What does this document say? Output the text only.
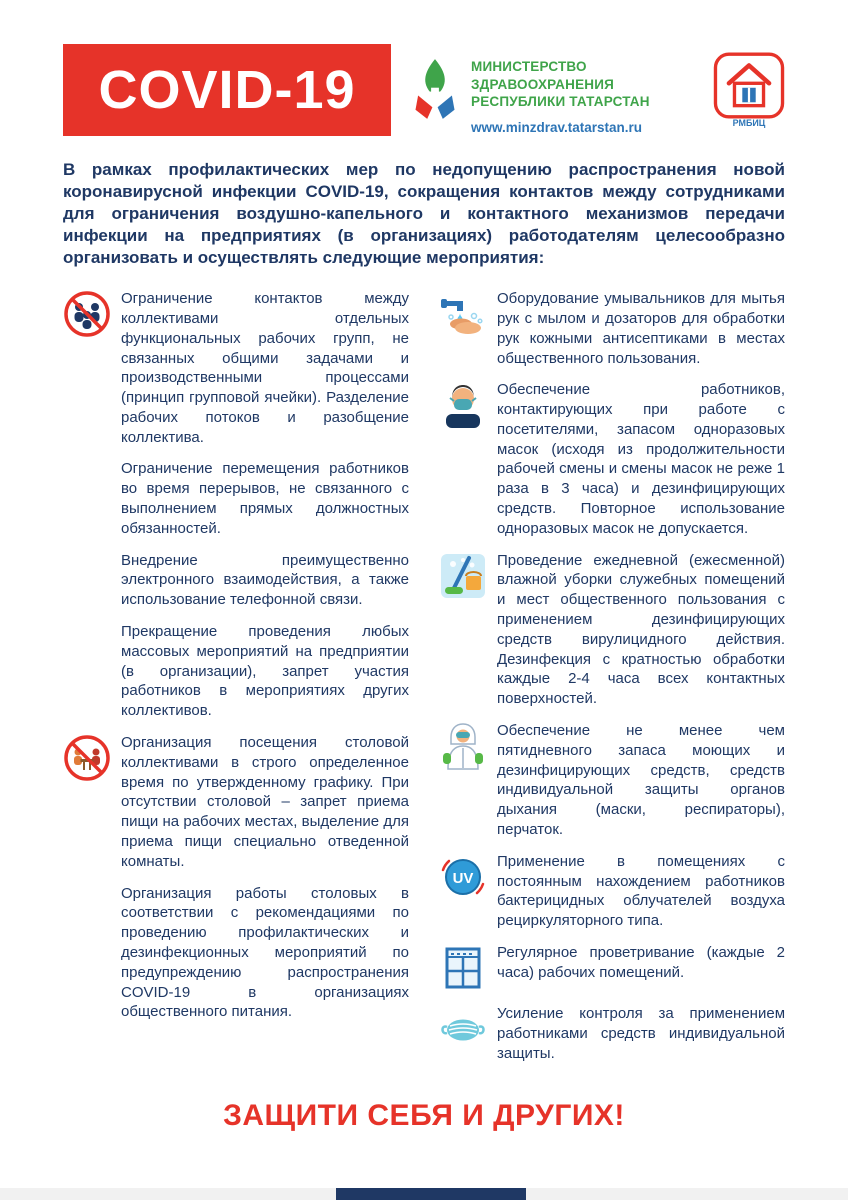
COVID-19	МИНИСТЕРСТВО ЗДРАВООХРАНЕНИЯ
РЕСПУБЛИКИ ТАТАРСТАН
www.minzdrav.tatarstan.ru	РМБИЦ

В рамках профилактических мер по недопущению распространения новой коронавирусной инфекции COVID-19, сокращения контактов между сотрудниками для ограничения воздушно-капельного и контактного механизмов передачи инфекции на предприятиях (в организациях) работодателям целесообразно организовать и осуществлять следующие мероприятия:

Ограничение контактов между коллективами отдельных функциональных рабочих групп, не связанных общими задачами и производственными процессами (принцип групповой ячейки). Разделение рабочих потоков и разобщение коллектива.
Ограничение перемещения работников во время перерывов, не связанного с выполнением прямых должностных обязанностей.
Внедрение преимущественно электронного взаимодействия, а также использование телефонной связи.
Прекращение проведения любых массовых мероприятий на предприятии (в организации), запрет участия работников в мероприятиях других коллективов.
Организация посещения столовой коллективами в строго определенное время по утвержденному графику. При отсутствии столовой – запрет приема пищи на рабочих местах, выделение для приема пищи специально отведенной комнаты.
Организация работы столовых в соответствии с рекомендациями по проведению профилактических и дезинфекционных мероприятий по предупреждению распространения COVID-19 в организациях общественного питания.
Оборудование умывальников для мытья рук с мылом и дозаторов для обработки рук кожными антисептиками в местах общественного пользования.
Обеспечение работников, контактирующих при работе с посетителями, запасом одноразовых масок (исходя из продолжительности рабочей смены и смены масок не реже 1 раза в 3 часа) и дезинфицирующих средств. Повторное использование одноразовых масок не допускается.
Проведение ежедневной (ежесменной) влажной уборки служебных помещений и мест общественного пользования с применением дезинфицирующих средств вирулицидного действия. Дезинфекция с кратностью обработки каждые 2-4 часа всех контактных поверхностей.
Обеспечение не менее чем пятидневного запаса моющих и дезинфицирующих средств, средств индивидуальной защиты органов дыхания (маски, респираторы), перчаток.
UV
Применение в помещениях с постоянным нахождением работников бактерицидных облучателей воздуха рециркуляторного типа.
Регулярное проветривание (каждые 2 часа) рабочих помещений.
Усиление контроля за применением работниками средств индивидуальной защиты.
ЗАЩИТИ СЕБЯ И ДРУГИХ!
